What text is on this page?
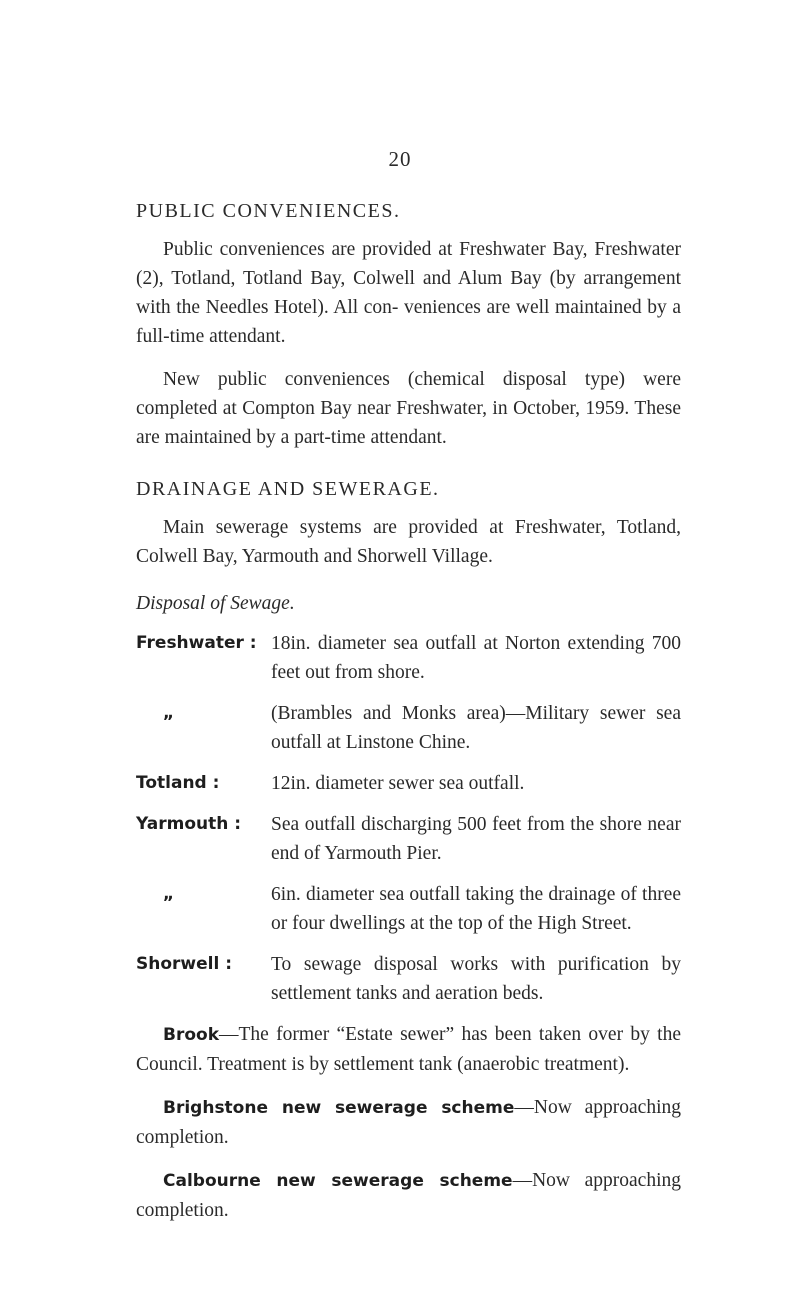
20
PUBLIC CONVENIENCES.

Public conveniences are provided at Freshwater Bay, Freshwater (2), Totland, Totland Bay, Colwell and Alum Bay (by arrangement with the Needles Hotel). All con- veniences are well maintained by a full-time attendant.

New public conveniences (chemical disposal type) were completed at Compton Bay near Freshwater, in October, 1959. These are maintained by a part-time attendant.

DRAINAGE AND SEWERAGE.

Main sewerage systems are provided at Freshwater, Totland, Colwell Bay, Yarmouth and Shorwell Village.

Disposal of Sewage.
Freshwater : 18in. diameter sea outfall at Norton extending 700 feet out from shore.
„	(Brambles and Monks area)—Military sewer sea outfall at Linstone Chine.
Totland :	12in. diameter sewer sea outfall.
Yarmouth :	Sea outfall discharging 500 feet from the shore near end of Yarmouth Pier.
„	6in. diameter sea outfall taking the drainage of three or four dwellings at the top of the High Street.
Shorwell :	To sewage disposal works with purification by settlement tanks and aeration beds.

Brook—The former “Estate sewer” has been taken over by the Council. Treatment is by settlement tank (anaerobic treatment).

Brighstone new sewerage scheme—Now approaching completion.

Calbourne new sewerage scheme—Now approaching completion.
